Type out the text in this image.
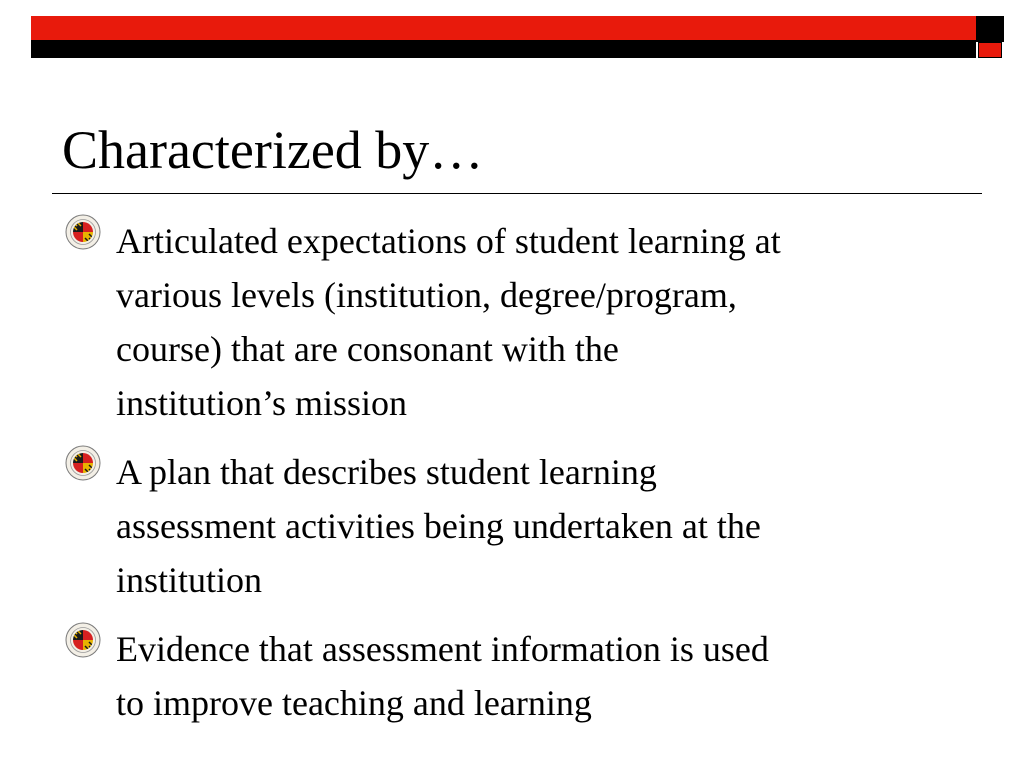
Characterized by…
Articulated expectations of student learning at
various levels (institution, degree/program,
course) that are consonant with the
institution’s mission
A plan that describes student learning
assessment activities being undertaken at the
institution
Evidence that assessment information is used
to improve teaching and learning
